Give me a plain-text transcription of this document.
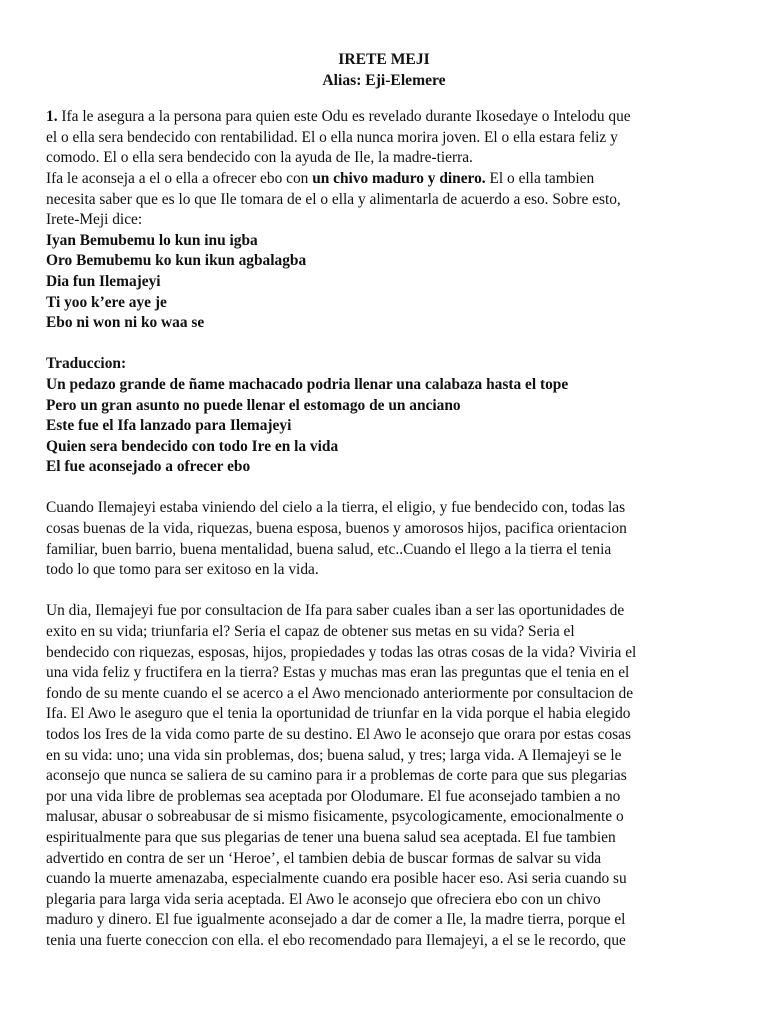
IRETE MEJI
Alias: Eji-Elemere
1. Ifa le asegura a la persona para quien este Odu es revelado durante Ikosedaye o Intelodu que
el o ella sera bendecido con rentabilidad. El o ella nunca morira joven. El o ella estara feliz y
comodo. El o ella sera bendecido con la ayuda de Ile, la madre-tierra.
Ifa le aconseja a el o ella a ofrecer ebo con un chivo maduro y dinero. El o ella tambien
necesita saber que es lo que Ile tomara de el o ella y alimentarla de acuerdo a eso. Sobre esto,
Irete-Meji dice:
Iyan Bemubemu lo kun inu igba
Oro Bemubemu ko kun ikun agbalagba
Dia fun Ilemajeyi
Ti yoo k’ere aye je
Ebo ni won ni ko waa se
Traduccion:
Un pedazo grande de ñame machacado podria llenar una calabaza hasta el tope
Pero un gran asunto no puede llenar el estomago de un anciano
Este fue el Ifa lanzado para Ilemajeyi
Quien sera bendecido con todo Ire en la vida
El fue aconsejado a ofrecer ebo
Cuando Ilemajeyi estaba viniendo del cielo a la tierra, el eligio, y fue bendecido con, todas las
cosas buenas de la vida, riquezas, buena esposa, buenos y amorosos hijos, pacifica orientacion
familiar, buen barrio, buena mentalidad, buena salud, etc..Cuando el llego a la tierra el tenia
todo lo que tomo para ser exitoso en la vida.
Un dia, Ilemajeyi fue por consultacion de Ifa para saber cuales iban a ser las oportunidades de
exito en su vida; triunfaria el? Seria el capaz de obtener sus metas en su vida? Seria el
bendecido con riquezas, esposas, hijos, propiedades y todas las otras cosas de la vida? Viviria el
una vida feliz y fructifera en la tierra? Estas y muchas mas eran las preguntas que el tenia en el
fondo de su mente cuando el se acerco a el Awo mencionado anteriormente por consultacion de
Ifa. El Awo le aseguro que el tenia la oportunidad de triunfar en la vida porque el habia elegido
todos los Ires de la vida como parte de su destino. El Awo le aconsejo que orara por estas cosas
en su vida: uno; una vida sin problemas, dos; buena salud, y tres; larga vida. A Ilemajeyi se le
aconsejo que nunca se saliera de su camino para ir a problemas de corte para que sus plegarias
por una vida libre de problemas sea aceptada por Olodumare. El fue aconsejado tambien a no
malusar, abusar o sobreabusar de si mismo fisicamente, psycologicamente, emocionalmente o
espiritualmente para que sus plegarias de tener una buena salud sea aceptada. El fue tambien
advertido en contra de ser un ‘Heroe’, el tambien debia de buscar formas de salvar su vida
cuando la muerte amenazaba, especialmente cuando era posible hacer eso. Asi seria cuando su
plegaria para larga vida seria aceptada. El Awo le aconsejo que ofreciera ebo con un chivo
maduro y dinero. El fue igualmente aconsejado a dar de comer a Ile, la madre tierra, porque el
tenia una fuerte coneccion con ella. el ebo recomendado para Ilemajeyi, a el se le recordo, que
